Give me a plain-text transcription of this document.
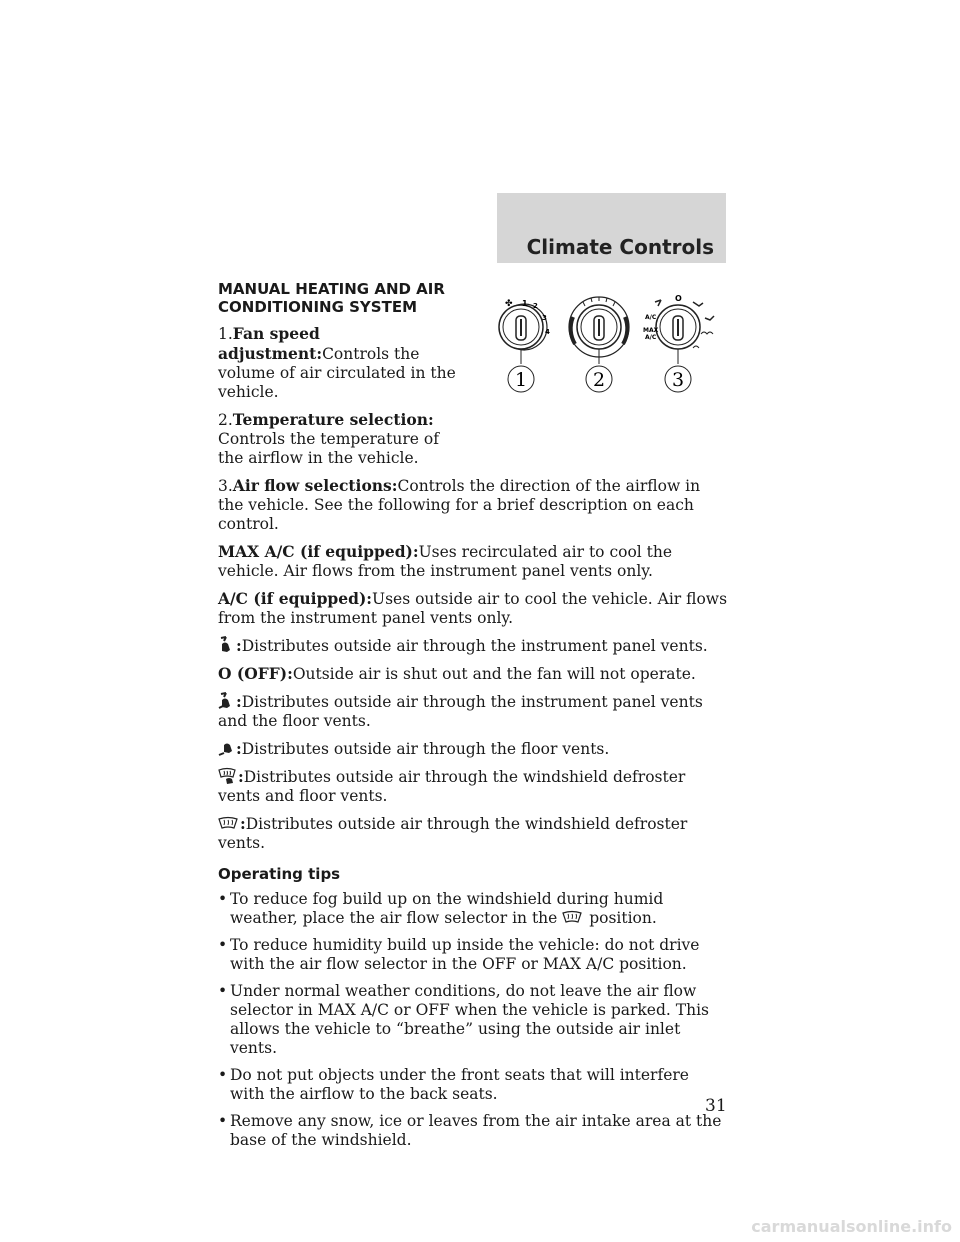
Climate Controls
✤ 1 2
3
4
O
A/C
MAX
A/C
1	2	3
MANUAL HEATING AND AIR CONDITIONING SYSTEM

1.Fan speed adjustment:Controls the volume of air circulated in the vehicle.

2.Temperature selection:
Controls the temperature of the airflow in the vehicle.

3.Air flow selections:Controls the direction of the airflow in the vehicle. See the following for a brief description on each control.

MAX A/C (if equipped):Uses recirculated air to cool the vehicle. Air flows from the instrument panel vents only.

A/C (if equipped):Uses outside air to cool the vehicle. Air flows from the instrument panel vents only.

:Distributes outside air through the instrument panel vents.

O (OFF):Outside air is shut out and the fan will not operate.

:Distributes outside air through the instrument panel vents and the floor vents.

:Distributes outside air through the floor vents.

:Distributes outside air through the windshield defroster vents and floor vents.

:Distributes outside air through the windshield defroster vents.

Operating tips
• To reduce fog build up on the windshield during humid weather, place the air flow selector in the position.
• To reduce humidity build up inside the vehicle: do not drive with the air flow selector in the OFF or MAX A/C position.
• Under normal weather conditions, do not leave the air flow selector in MAX A/C or OFF when the vehicle is parked. This allows the vehicle to “breathe” using the outside air inlet vents.
• Do not put objects under the front seats that will interfere with the airflow to the back seats.
• Remove any snow, ice or leaves from the air intake area at the base of the windshield.
31
carmanualsonline.info
